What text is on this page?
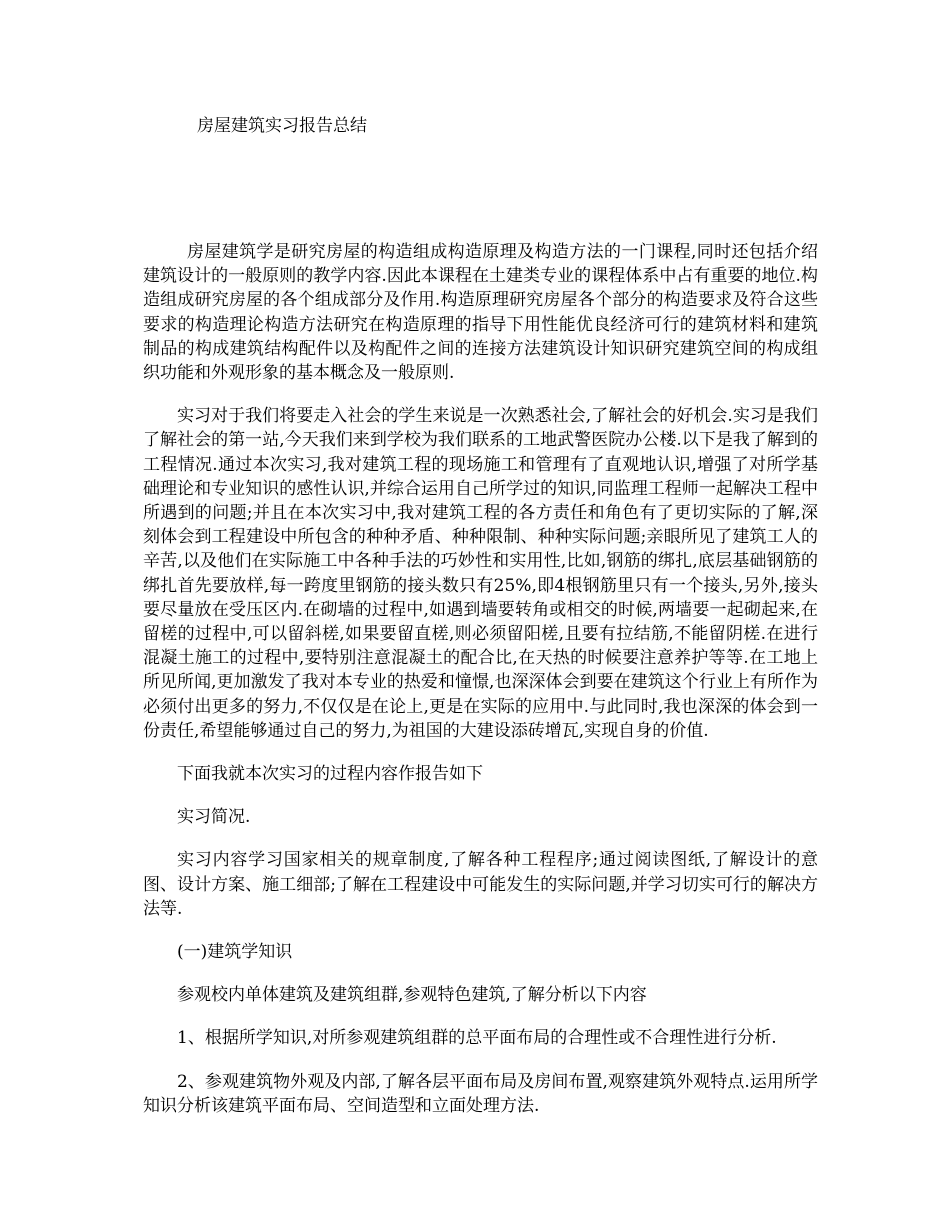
房屋建筑实习报告总结

房屋建筑学是研究房屋的构造组成构造原理及构造方法的一门课程,同时还包括介绍建筑设计的一般原则的教学内容.因此本课程在土建类专业的课程体系中占有重要的地位.构造组成研究房屋的各个组成部分及作用.构造原理研究房屋各个部分的构造要求及符合这些要求的构造理论构造方法研究在构造原理的指导下用性能优良经济可行的建筑材料和建筑制品的构成建筑结构配件以及构配件之间的连接方法建筑设计知识研究建筑空间的构成组织功能和外观形象的基本概念及一般原则.

实习对于我们将要走入社会的学生来说是一次熟悉社会,了解社会的好机会.实习是我们了解社会的第一站,今天我们来到学校为我们联系的工地武警医院办公楼.以下是我了解到的工程情况.通过本次实习,我对建筑工程的现场施工和管理有了直观地认识,增强了对所学基础理论和专业知识的感性认识,并综合运用自己所学过的知识,同监理工程师一起解决工程中所遇到的问题;并且在本次实习中,我对建筑工程的各方责任和角色有了更切实际的了解,深刻体会到工程建设中所包含的种种矛盾、种种限制、种种实际问题;亲眼所见了建筑工人的辛苦,以及他们在实际施工中各种手法的巧妙性和实用性,比如,钢筋的绑扎,底层基础钢筋的绑扎首先要放样,每一跨度里钢筋的接头数只有25%,即4根钢筋里只有一个接头,另外,接头要尽量放在受压区内.在砌墙的过程中,如遇到墙要转角或相交的时候,两墙要一起砌起来,在留槎的过程中,可以留斜槎,如果要留直槎,则必须留阳槎,且要有拉结筋,不能留阴槎.在进行混凝土施工的过程中,要特别注意混凝土的配合比,在天热的时候要注意养护等等.在工地上所见所闻,更加激发了我对本专业的热爱和憧憬,也深深体会到要在建筑这个行业上有所作为必须付出更多的努力,不仅仅是在论上,更是在实际的应用中.与此同时,我也深深的体会到一份责任,希望能够通过自己的努力,为祖国的大建设添砖增瓦,实现自身的价值.

下面我就本次实习的过程内容作报告如下

实习简况.

实习内容学习国家相关的规章制度,了解各种工程程序;通过阅读图纸,了解设计的意图、设计方案、施工细部;了解在工程建设中可能发生的实际问题,并学习切实可行的解决方法等.

(一)建筑学知识

参观校内单体建筑及建筑组群,参观特色建筑,了解分析以下内容

1、根据所学知识,对所参观建筑组群的总平面布局的合理性或不合理性进行分析.

2、参观建筑物外观及内部,了解各层平面布局及房间布置,观察建筑外观特点.运用所学知识分析该建筑平面布局、空间造型和立面处理方法.
